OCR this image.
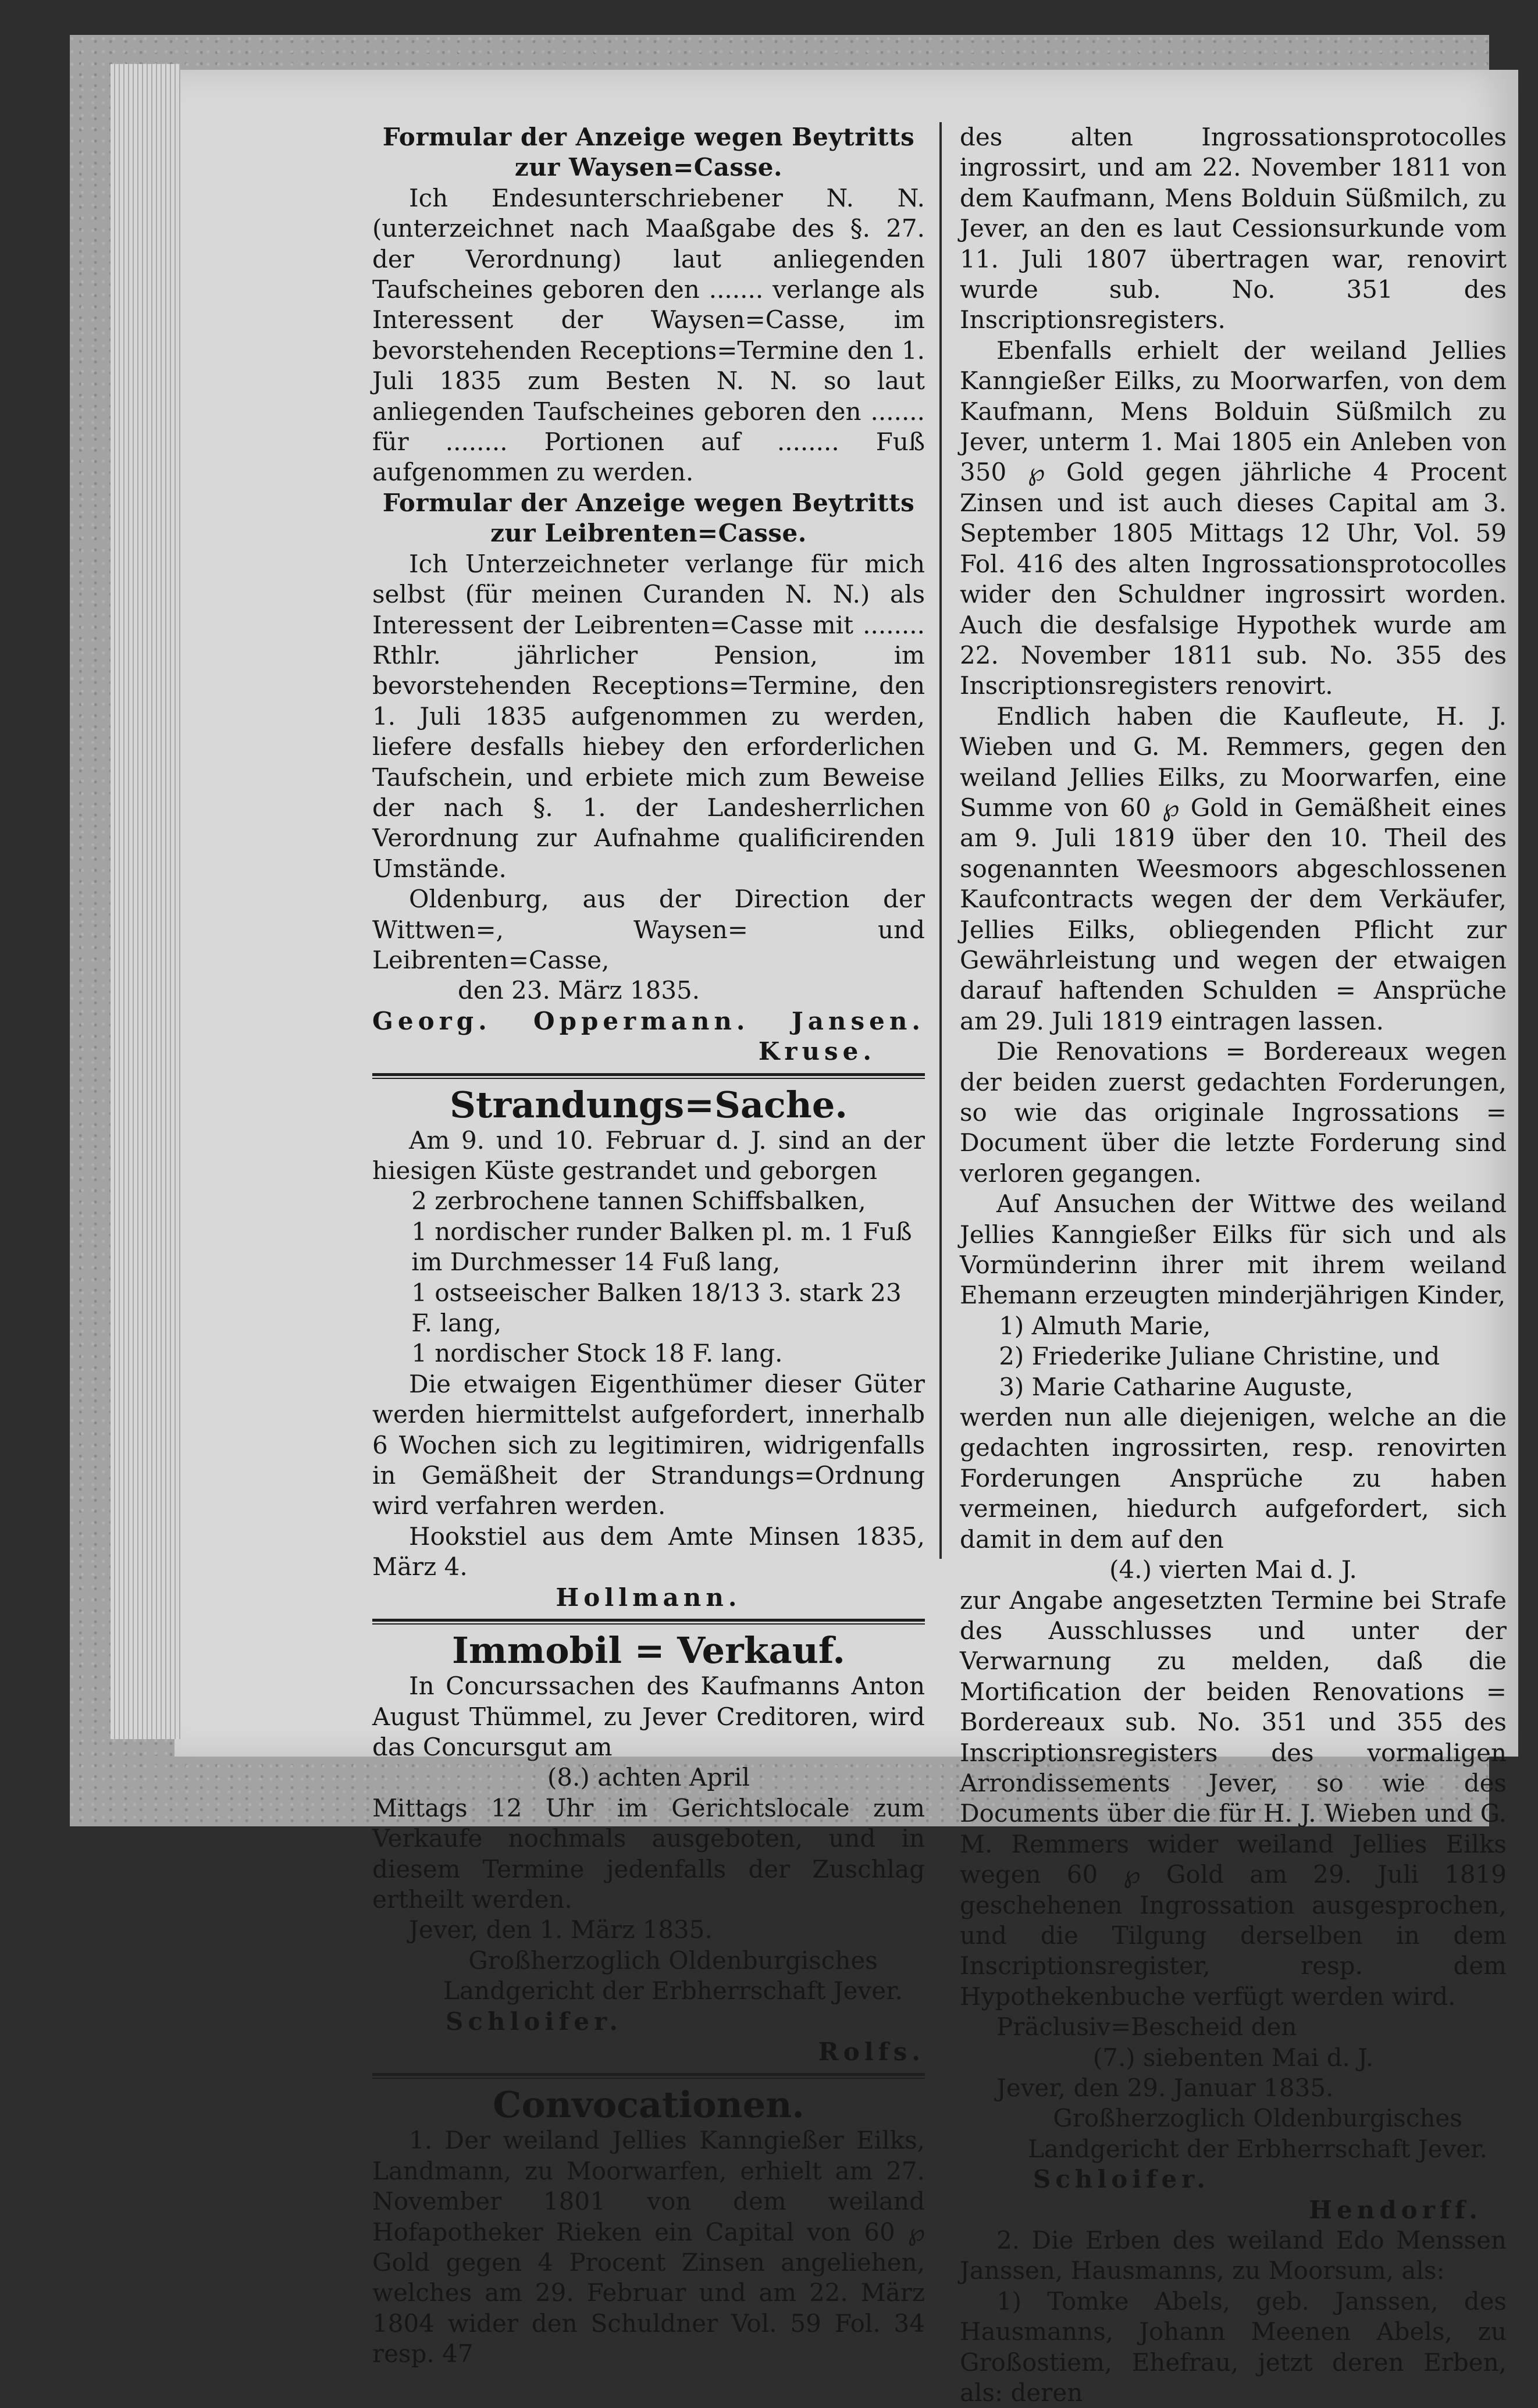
Formular der Anzeige wegen Beytritts zur Waysen=Casse.

Ich Endesunterschriebener N. N. (unterzeichnet nach Maaßgabe des §. 27. der Verordnung) laut anliegenden Taufscheines geboren den ....... verlange als Interessent der Waysen=Casse, im bevorstehenden Receptions=Termine den 1. Juli 1835 zum Besten N. N. so laut anliegenden Taufscheines geboren den ....... für ........ Portionen auf ........ Fuß aufgenommen zu werden.

Formular der Anzeige wegen Beytritts zur Leibrenten=Casse.

Ich Unterzeichneter verlange für mich selbst (für meinen Curanden N. N.) als Interessent der Leibrenten=Casse mit ........ Rthlr. jährlicher Pension, im bevorstehenden Receptions=Termine, den 1. Juli 1835 aufgenommen zu werden, liefere desfalls hiebey den erforderlichen Taufschein, und erbiete mich zum Beweise der nach §. 1. der Landesherrlichen Verordnung zur Aufnahme qualificirenden Umstände.

Oldenburg, aus der Direction der Wittwen=, Waysen= und Leibrenten=Casse,

den 23. März 1835.

Georg. Oppermann. Jansen.

Kruse.

Strandungs=Sache.

Am 9. und 10. Februar d. J. sind an der hiesigen Küste gestrandet und geborgen

2 zerbrochene tannen Schiffsbalken,

1 nordischer runder Balken pl. m. 1 Fuß im Durchmesser 14 Fuß lang,

1 ostseeischer Balken 18/13 3. stark 23 F. lang,

1 nordischer Stock 18 F. lang.

Die etwaigen Eigenthümer dieser Güter werden hiermittelst aufgefordert, innerhalb 6 Wochen sich zu legitimiren, widrigenfalls in Gemäßheit der Strandungs=Ordnung wird verfahren werden.

Hookstiel aus dem Amte Minsen 1835, März 4.

Hollmann.

Immobil = Verkauf.

In Concurssachen des Kaufmanns Anton August Thümmel, zu Jever Creditoren, wird das Concursgut am

(8.) achten April

Mittags 12 Uhr im Gerichtslocale zum Verkaufe nochmals ausgeboten, und in diesem Termine jedenfalls der Zuschlag ertheilt werden.

Jever, den 1. März 1835.

Großherzoglich Oldenburgisches Landgericht der Erbherrschaft Jever.

Schloifer.

Rolfs.

Convocationen.

1. Der weiland Jellies Kanngießer Eilks, Landmann, zu Moorwarfen, erhielt am 27. November 1801 von dem weiland Hofapotheker Rieken ein Capital von 60 ℘ Gold gegen 4 Procent Zinsen angeliehen, welches am 29. Februar und am 22. März 1804 wider den Schuldner Vol. 59 Fol. 34 resp. 47

des alten Ingrossationsprotocolles ingrossirt, und am 22. November 1811 von dem Kaufmann, Mens Bolduin Süßmilch, zu Jever, an den es laut Cessionsurkunde vom 11. Juli 1807 übertragen war, renovirt wurde sub. No. 351 des Inscriptionsregisters.

Ebenfalls erhielt der weiland Jellies Kanngießer Eilks, zu Moorwarfen, von dem Kaufmann, Mens Bolduin Süßmilch zu Jever, unterm 1. Mai 1805 ein Anleben von 350 ℘ Gold gegen jährliche 4 Procent Zinsen und ist auch dieses Capital am 3. September 1805 Mittags 12 Uhr, Vol. 59 Fol. 416 des alten Ingrossationsprotocolles wider den Schuldner ingrossirt worden. Auch die desfalsige Hypothek wurde am 22. November 1811 sub. No. 355 des Inscriptionsregisters renovirt.

Endlich haben die Kaufleute, H. J. Wieben und G. M. Remmers, gegen den weiland Jellies Eilks, zu Moorwarfen, eine Summe von 60 ℘ Gold in Gemäßheit eines am 9. Juli 1819 über den 10. Theil des sogenannten Weesmoors abgeschlossenen Kaufcontracts wegen der dem Verkäufer, Jellies Eilks, obliegenden Pflicht zur Gewährleistung und wegen der etwaigen darauf haftenden Schulden = Ansprüche am 29. Juli 1819 eintragen lassen.

Die Renovations = Bordereaux wegen der beiden zuerst gedachten Forderungen, so wie das originale Ingrossations = Document über die letzte Forderung sind verloren gegangen.

Auf Ansuchen der Wittwe des weiland Jellies Kanngießer Eilks für sich und als Vormünderinn ihrer mit ihrem weiland Ehemann erzeugten minderjährigen Kinder,

1) Almuth Marie,

2) Friederike Juliane Christine, und

3) Marie Catharine Auguste,

werden nun alle diejenigen, welche an die gedachten ingrossirten, resp. renovirten Forderungen Ansprüche zu haben vermeinen, hiedurch aufgefordert, sich damit in dem auf den

(4.) vierten Mai d. J.

zur Angabe angesetzten Termine bei Strafe des Ausschlusses und unter der Verwarnung zu melden, daß die Mortification der beiden Renovations = Bordereaux sub. No. 351 und 355 des Inscriptionsregisters des vormaligen Arrondissements Jever, so wie des Documents über die für H. J. Wieben und G. M. Remmers wider weiland Jellies Eilks wegen 60 ℘ Gold am 29. Juli 1819 geschehenen Ingrossation ausgesprochen, und die Tilgung derselben in dem Inscriptionsregister, resp. dem Hypothekenbuche verfügt werden wird.

Präclusiv=Bescheid den

(7.) siebenten Mai d. J.

Jever, den 29. Januar 1835.

Großherzoglich Oldenburgisches Landgericht der Erbherrschaft Jever.

Schloifer.

Hendorff.

2. Die Erben des weiland Edo Menssen Janssen, Hausmanns, zu Moorsum, als:

1) Tomke Abels, geb. Janssen, des Hausmanns, Johann Meenen Abels, zu Großostiem, Ehefrau, jetzt deren Erben, als: deren
